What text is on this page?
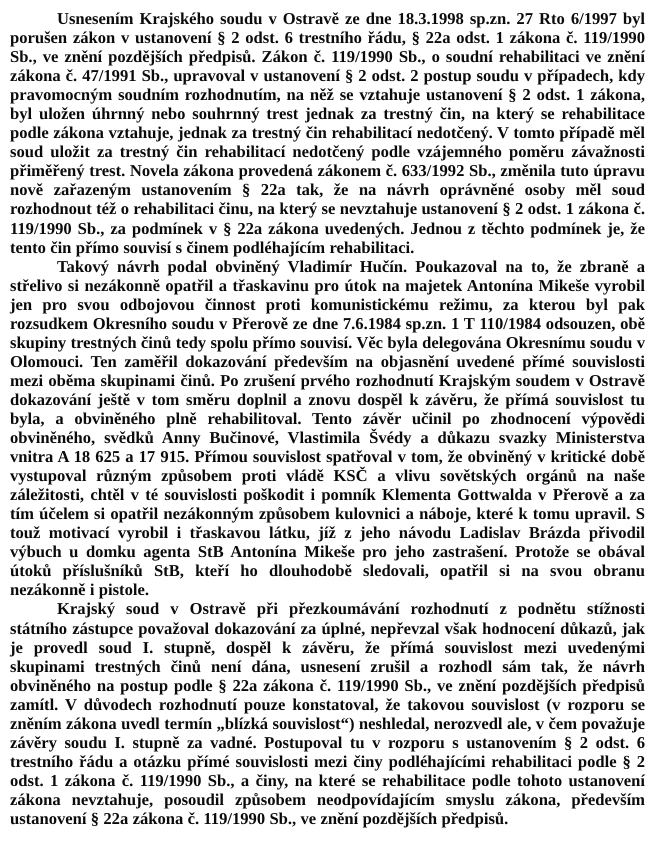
Usnesením Krajského soudu v Ostravě ze dne 18.3.1998 sp.zn. 27 Rto 6/1997 byl porušen zákon v ustanovení § 2 odst. 6 trestního řádu, § 22a odst. 1 zákona č. 119/1990 Sb., ve znění pozdějších předpisů. Zákon č. 119/1990 Sb., o soudní rehabilitaci ve znění zákona č. 47/1991 Sb., upravoval v ustanovení § 2 odst. 2 postup soudu v případech, kdy pravomocným soudním rozhodnutím, na něž se vztahuje ustanovení § 2 odst. 1 zákona, byl uložen úhrnný nebo souhrnný trest jednak za trestný čin, na který se rehabilitace podle zákona vztahuje, jednak za trestný čin rehabilitací nedotčený. V tomto případě měl soud uložit za trestný čin rehabilitací nedotčený podle vzájemného poměru závažnosti přiměřený trest. Novela zákona provedená zákonem č. 633/1992 Sb., změnila tuto úpravu nově zařazeným ustanovením § 22a tak, že na návrh oprávněné osoby měl soud rozhodnout též o rehabilitaci činu, na který se nevztahuje ustanovení § 2 odst. 1 zákona č. 119/1990 Sb., za podmínek v § 22a zákona uvedených. Jednou z těchto podmínek je, že tento čin přímo souvisí s činem podléhajícím rehabilitaci.

Takový návrh podal obviněný Vladimír Hučín. Poukazoval na to, že zbraně a střelivo si nezákonně opatřil a třaskavinu pro útok na majetek Antonína Mikeše vyrobil jen pro svou odbojovou činnost proti komunistickému režimu, za kterou byl pak rozsudkem Okresního soudu v Přerově ze dne 7.6.1984 sp.zn. 1 T 110/1984 odsouzen, obě skupiny trestných činů tedy spolu přímo souvisí. Věc byla delegována Okresnímu soudu v Olomouci. Ten zaměřil dokazování především na objasnění uvedené přímé souvislosti mezi oběma skupinami činů. Po zrušení prvého rozhodnutí Krajským soudem v Ostravě dokazování ještě v tom směru doplnil a znovu dospěl k závěru, že přímá souvislost tu byla, a obviněného plně rehabilitoval. Tento závěr učinil po zhodnocení výpovědi obviněného, svědků Anny Bučinové, Vlastimila Švédy a důkazu svazky Ministerstva vnitra A 18 625 a 17 915. Přímou souvislost spatřoval v tom, že obviněný v kritické době vystupoval různým způsobem proti vládě KSČ a vlivu sovětských orgánů na naše záležitosti, chtěl v té souvislosti poškodit i pomník Klementa Gottwalda v Přerově a za tím účelem si opatřil nezákonným způsobem kulovnici a náboje, které k tomu upravil. S touž motivací vyrobil i třaskavou látku, jíž z jeho návodu Ladislav Brázda přivodil výbuch u domku agenta StB Antonína Mikeše pro jeho zastrašení. Protože se obával útoků příslušníků StB, kteří ho dlouhodobě sledovali, opatřil si na svou obranu nezákonně i pistole.

Krajský soud v Ostravě při přezkoumávání rozhodnutí z podnětu stížnosti státního zástupce považoval dokazování za úplné, nepřevzal však hodnocení důkazů, jak je provedl soud I. stupně, dospěl k závěru, že přímá souvislost mezi uvedenými skupinami trestných činů není dána, usnesení zrušil a rozhodl sám tak, že návrh obviněného na postup podle § 22a zákona č. 119/1990 Sb., ve znění pozdějších předpisů zamítl. V důvodech rozhodnutí pouze konstatoval, že takovou souvislost (v rozporu se zněním zákona uvedl termín „blízká souvislost“) neshledal, nerozvedl ale, v čem považuje závěry soudu I. stupně za vadné. Postupoval tu v rozporu s ustanovením § 2 odst. 6 trestního řádu a otázku přímé souvislosti mezi činy podléhajícími rehabilitaci podle § 2 odst. 1 zákona č. 119/1990 Sb., a činy, na které se rehabilitace podle tohoto ustanovení zákona nevztahuje, posoudil způsobem neodpovídajícím smyslu zákona, především ustanovení § 22a zákona č. 119/1990 Sb., ve znění pozdějších předpisů.
